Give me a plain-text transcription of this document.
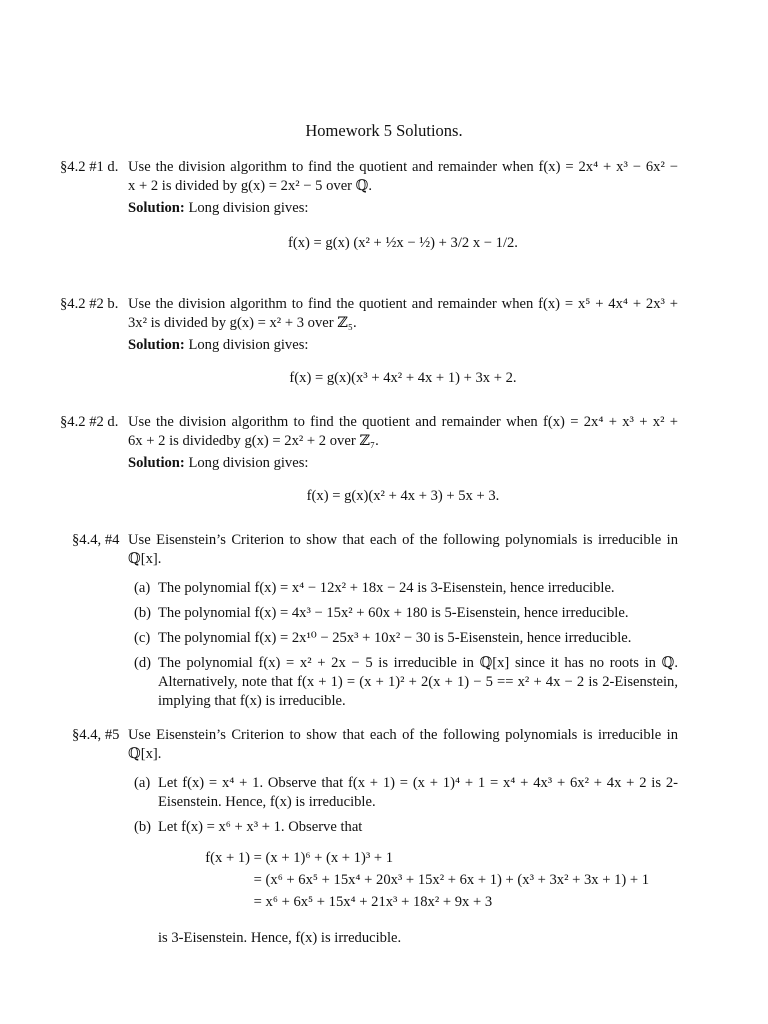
Homework 5 Solutions.
§4.2 #1 d. Use the division algorithm to find the quotient and remainder when f(x) = 2x⁴ + x³ − 6x² −

x + 2 is divided by g(x) = 2x² − 5 over ℚ.

Solution: Long division gives:

f(x) = g(x) (x² + ½x − ½) + 3/2 x − 1/2.
§4.2 #2 b. Use the division algorithm to find the quotient and remainder when f(x) = x⁵ + 4x⁴ + 2x³ +

3x² is divided by g(x) = x² + 3 over ℤ₅.

Solution: Long division gives:

f(x) = g(x)(x³ + 4x² + 4x + 1) + 3x + 2.
§4.2 #2 d. Use the division algorithm to find the quotient and remainder when f(x) = 2x⁴ + x³ + x² +

6x + 2 is dividedby g(x) = 2x² + 2 over ℤ₇.

Solution: Long division gives:

f(x) = g(x)(x² + 4x + 3) + 5x + 3.
§4.4, #4 Use Eisenstein’s Criterion to show that each of the following polynomials is irreducible in

ℚ[x].

(a) The polynomial f(x) = x⁴ − 12x² + 18x − 24 is 3-Eisenstein, hence irreducible.
(b) The polynomial f(x) = 4x³ − 15x² + 60x + 180 is 5-Eisenstein, hence irreducible.
(c) The polynomial f(x) = 2x¹⁰ − 25x³ + 10x² − 30 is 5-Eisenstein, hence irreducible.
(d) The polynomial f(x) = x² + 2x − 5 is irreducible in ℚ[x] since it has no roots in ℚ. Alternatively, note that f(x + 1) = (x + 1)² + 2(x + 1) − 5 == x² + 4x − 2 is 2-Eisenstein, implying that f(x) is irreducible.
§4.4, #5 Use Eisenstein’s Criterion to show that each of the following polynomials is irreducible in

ℚ[x].

(a) Let f(x) = x⁴ + 1. Observe that f(x + 1) = (x + 1)⁴ + 1 = x⁴ + 4x³ + 6x² + 4x + 2 is 2-Eisenstein. Hence, f(x) is irreducible.
(b) Let f(x) = x⁶ + x³ + 1. Observe that
f(x + 1) = (x + 1)⁶ + (x + 1)³ + 1
= (x⁶ + 6x⁵ + 15x⁴ + 20x³ + 15x² + 6x + 1) + (x³ + 3x² + 3x + 1) + 1
= x⁶ + 6x⁵ + 15x⁴ + 21x³ + 18x² + 9x + 3

is 3-Eisenstein. Hence, f(x) is irreducible.
